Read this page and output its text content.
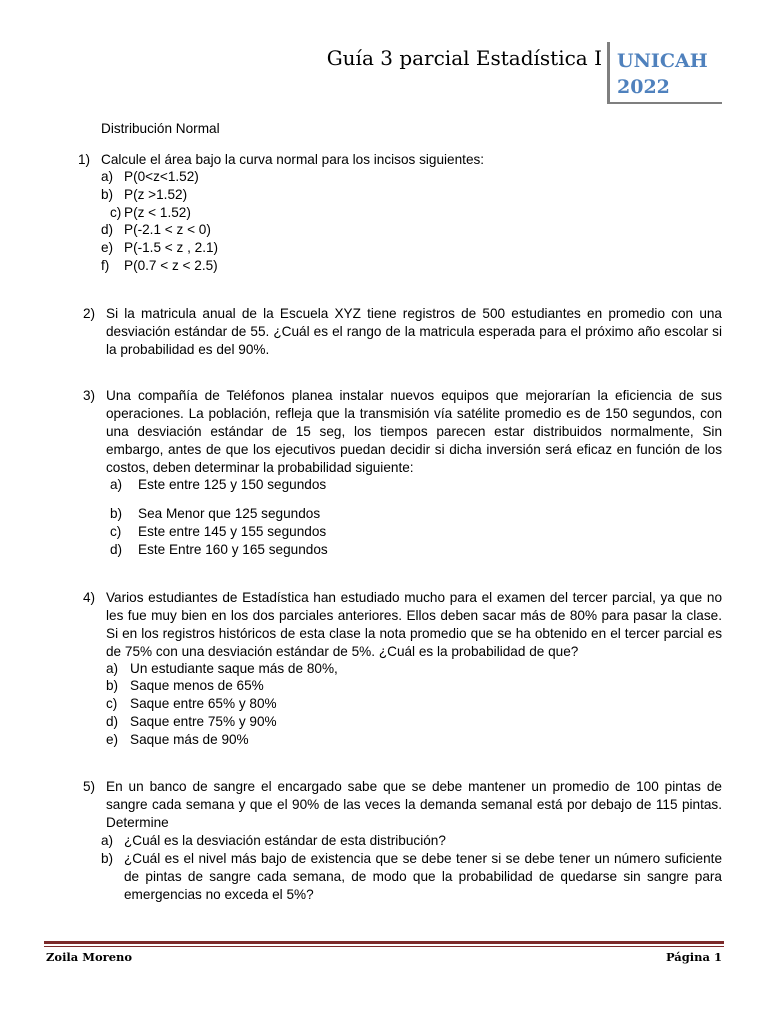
Guía 3 parcial Estadística I UNICAH
2022
Distribución Normal
1) Calcule el área bajo la curva normal para los incisos siguientes:
a) P(0<z<1.52)
b) P(z >1.52)
c) P(z < 1.52)
d) P(-2.1 < z < 0)
e) P(-1.5 < z , 2.1)
f) P(0.7 < z < 2.5)
2) Si la matricula anual de la Escuela XYZ tiene registros de 500 estudiantes en promedio con una desviación estándar de 55. ¿Cuál es el rango de la matricula esperada para el próximo año escolar si la probabilidad es del 90%.
3) Una compañía de Teléfonos planea instalar nuevos equipos que mejorarían la eficiencia de sus operaciones. La población, refleja que la transmisión vía satélite promedio es de 150 segundos, con una desviación estándar de 15 seg, los tiempos parecen estar distribuidos normalmente, Sin embargo, antes de que los ejecutivos puedan decidir si dicha inversión será eficaz en función de los costos, deben determinar la probabilidad siguiente:
a) Este entre 125 y 150 segundos
b) Sea Menor que 125 segundos
c) Este entre 145 y 155 segundos
d) Este Entre 160 y 165 segundos
4) Varios estudiantes de Estadística han estudiado mucho para el examen del tercer parcial, ya que no les fue muy bien en los dos parciales anteriores. Ellos deben sacar más de 80% para pasar la clase. Si en los registros históricos de esta clase la nota promedio que se ha obtenido en el tercer parcial es de 75% con una desviación estándar de 5%. ¿Cuál es la probabilidad de que?
a) Un estudiante saque más de 80%,
b) Saque menos de 65%
c) Saque entre 65% y 80%
d) Saque entre 75% y 90%
e) Saque más de 90%
5) En un banco de sangre el encargado sabe que se debe mantener un promedio de 100 pintas de sangre cada semana y que el 90% de las veces la demanda semanal está por debajo de 115 pintas. Determine
a) ¿Cuál es la desviación estándar de esta distribución?
b) ¿Cuál es el nivel más bajo de existencia que se debe tener si se debe tener un número suficiente de pintas de sangre cada semana, de modo que la probabilidad de quedarse sin sangre para emergencias no exceda el 5%?
Zoila Moreno	Página 1
